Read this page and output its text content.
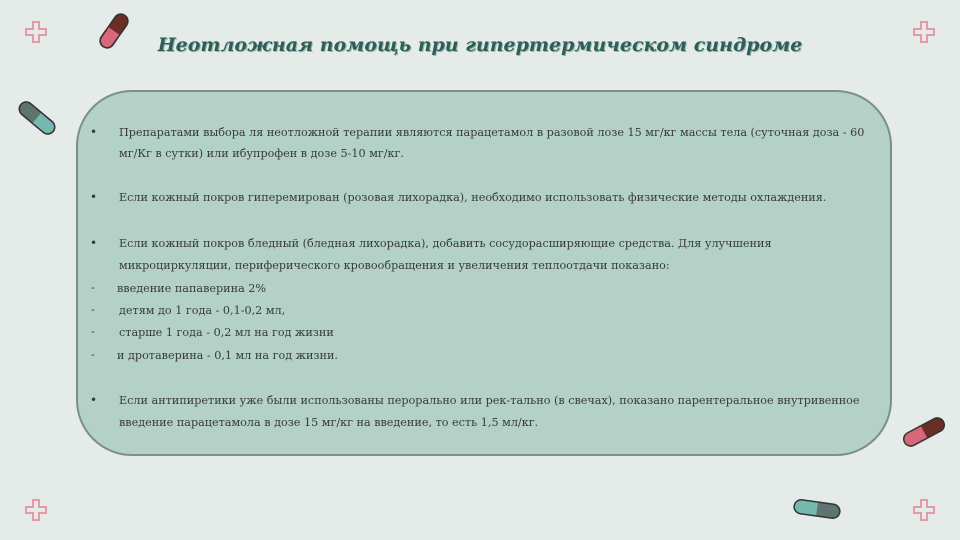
Неотложная помощь при гипертермическом синдроме
• Препаратами выбора ля неотложной терапии являются парацетамол в разовой лозе 15 мг/кг массы тела (суточная доза - 60
мг/Кг в сутки) или ибупрофен в дозе 5-10 мг/кг.
• Если кожный покров гиперемирован (розовая лихорадка), необходимо использовать физические методы охлаждения.
• Если кожный покров бледный (бледная лихорадка), добавить сосудорасширяющие средства. Для улучшения
микроциркуляции, периферического кровообращения и увеличения теплоотдачи показано:
- введение папаверина 2%
- детям до 1 года - 0,1-0,2 мл,
- старше 1 года - 0,2 мл на год жизни
- и дротаверина - 0,1 мл на год жизни.
• Если антипиретики уже были использованы перорально или рек-тально (в свечах), показано парентеральное внутривенное
введение парацетамола в дозе 15 мг/кг на введение, то есть 1,5 мл/кг.
